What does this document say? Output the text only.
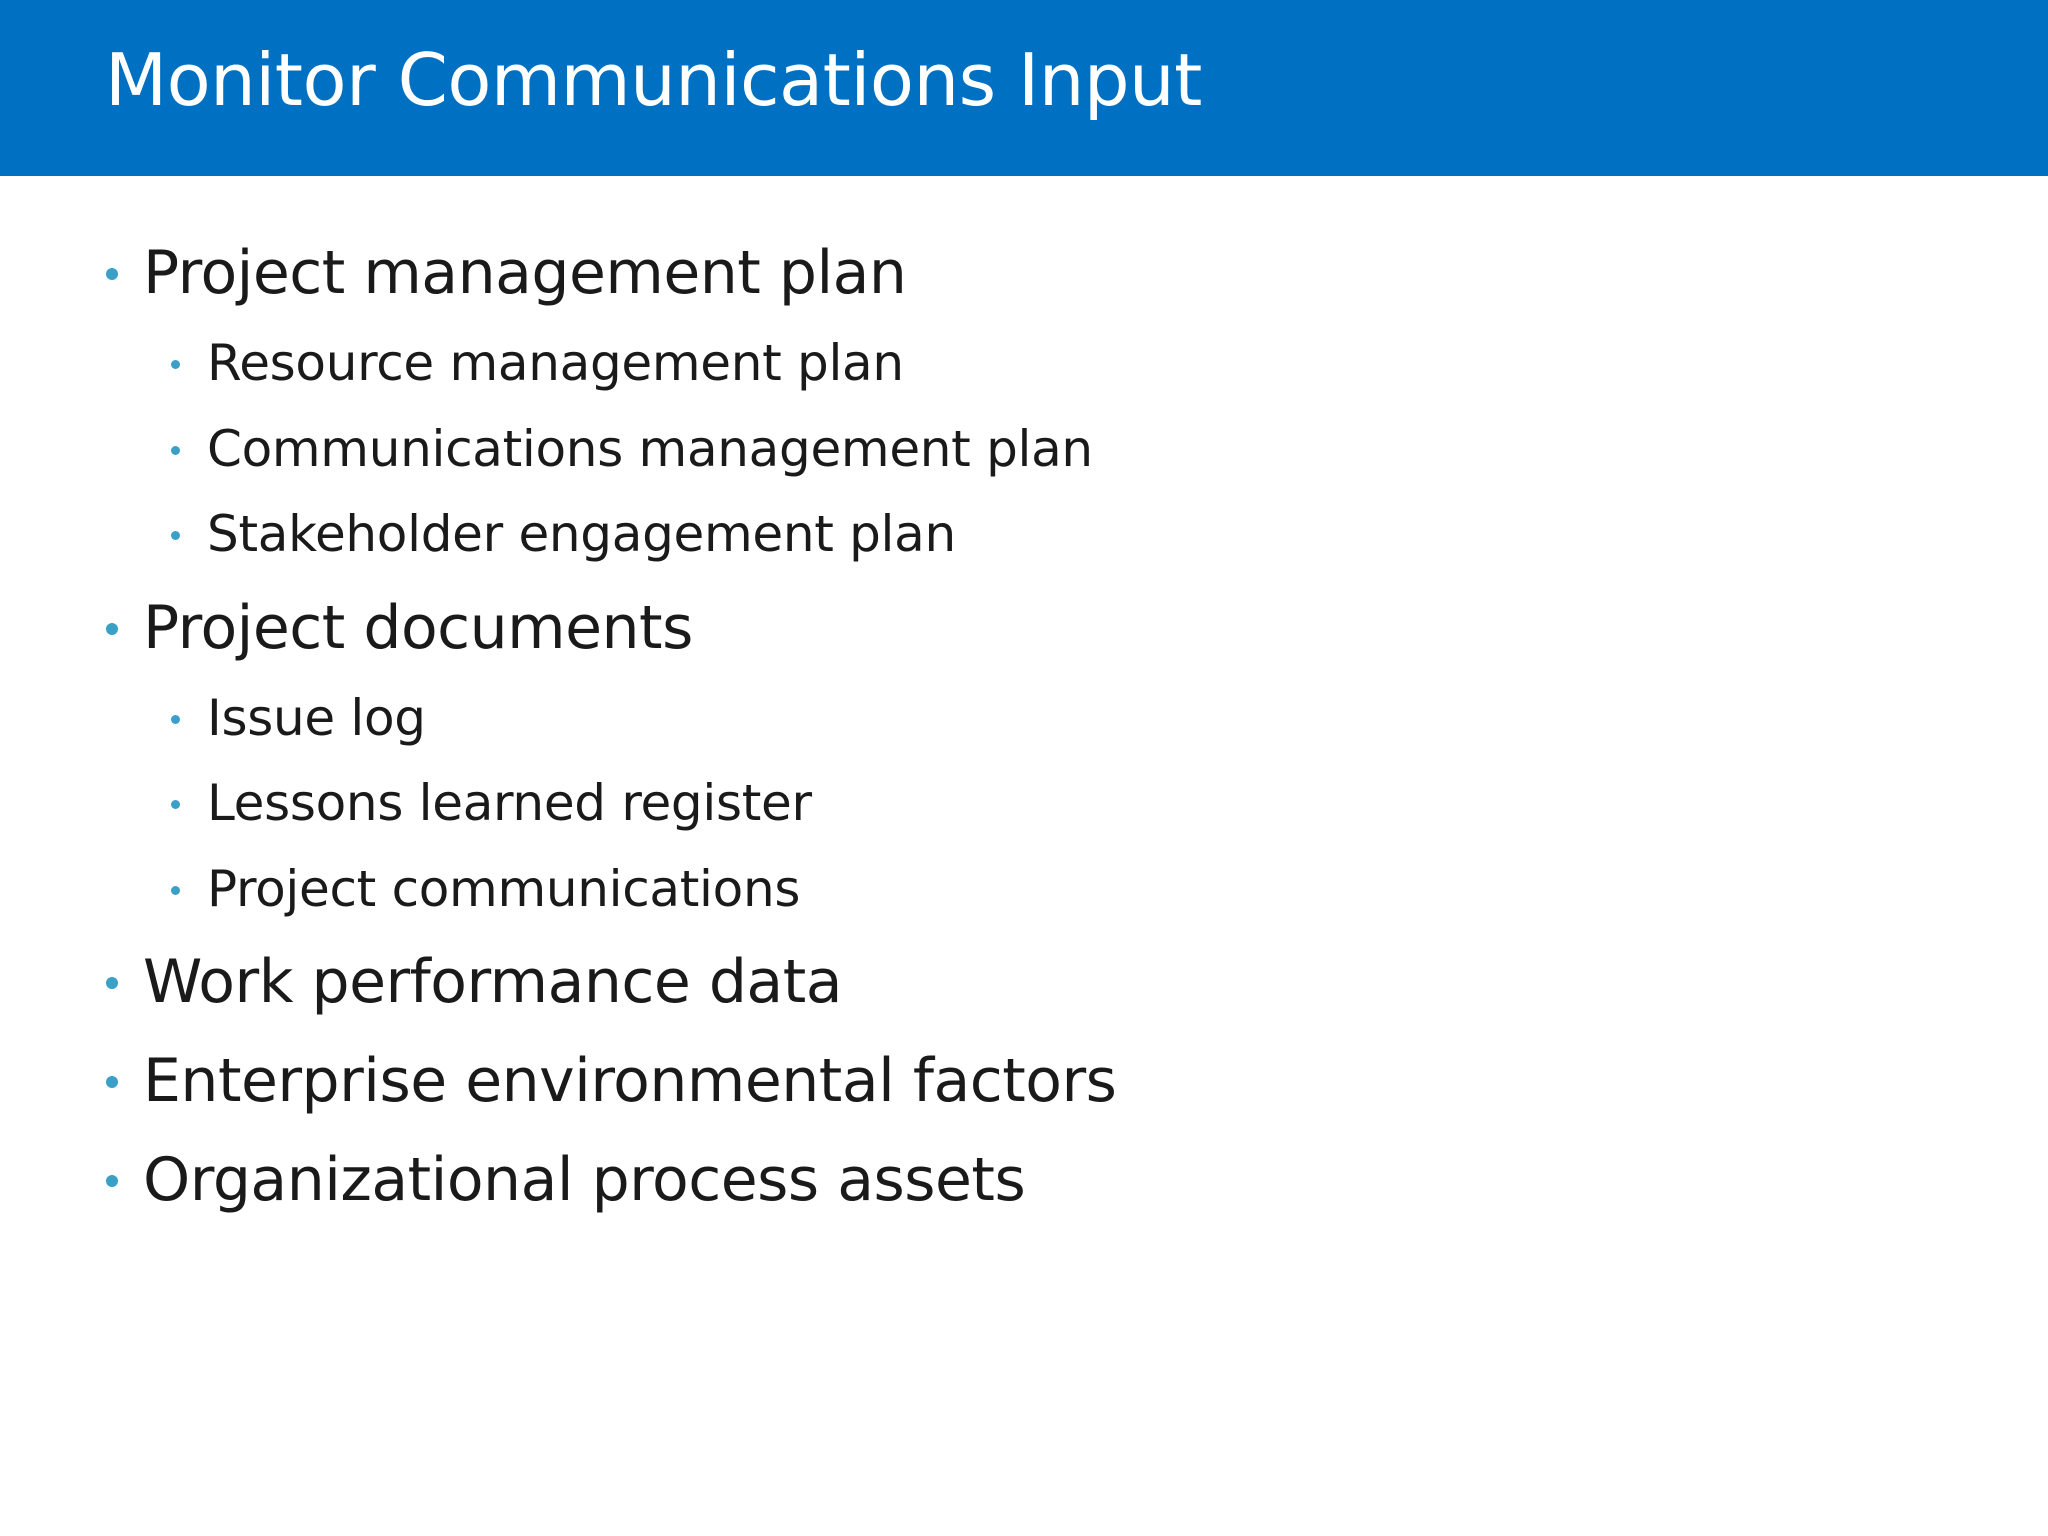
Monitor Communications Input
Project management plan
Resource management plan
Communications management plan
Stakeholder engagement plan
Project documents
Issue log
Lessons learned register
Project communications
Work performance data
Enterprise environmental factors
Organizational process assets
